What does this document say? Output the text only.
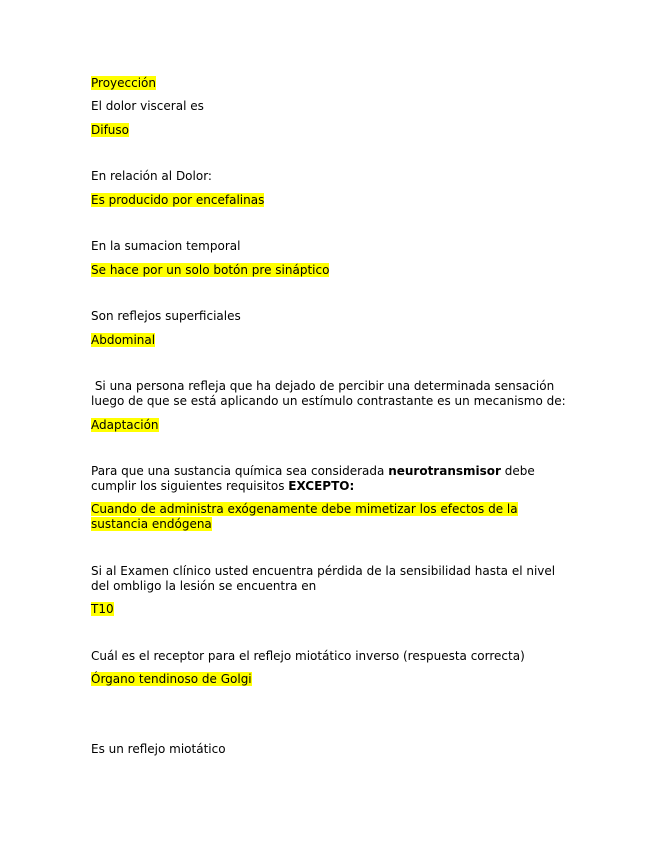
Proyección
El dolor visceral es
Difuso
En relación al Dolor:
Es producido por encefalinas
En la sumacion temporal
Se hace por un solo botón pre sináptico
Son reflejos superficiales
Abdominal
Si una persona refleja que ha dejado de percibir una determinada sensación
luego de que se está aplicando un estímulo contrastante es un mecanismo de:
Adaptación
Para que una sustancia química sea considerada neurotransmisor debe
cumplir los siguientes requisitos EXCEPTO:
Cuando de administra exógenamente debe mimetizar los efectos de la
sustancia endógena
Si al Examen clínico usted encuentra pérdida de la sensibilidad hasta el nivel
del ombligo la lesión se encuentra en
T10
Cuál es el receptor para el reflejo miotático inverso (respuesta correcta)
Órgano tendinoso de Golgi
Es un reflejo miotático
